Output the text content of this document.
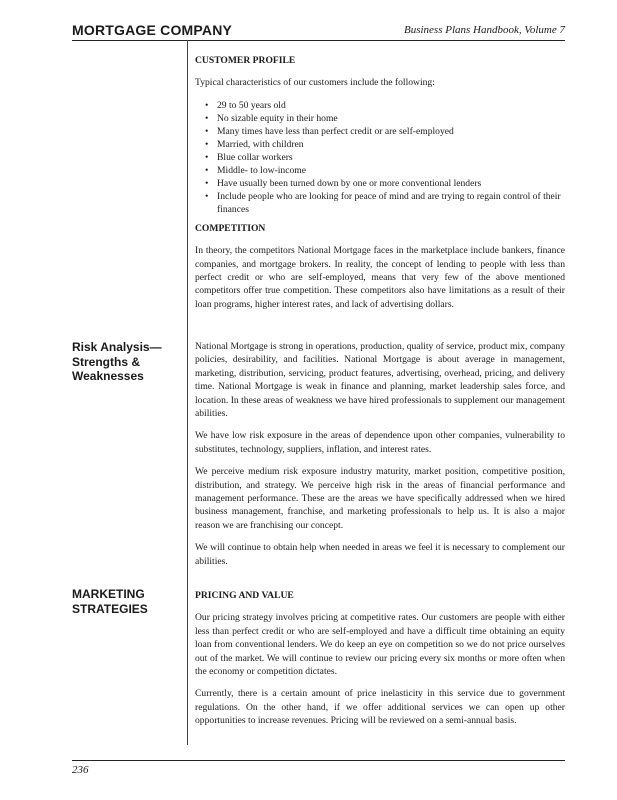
MORTGAGE COMPANY	Business Plans Handbook, Volume 7
Risk Analysis— Strengths & Weaknesses
MARKETING STRATEGIES

CUSTOMER PROFILE

Typical characteristics of our customers include the following:

• 29 to 50 years old
• No sizable equity in their home
• Many times have less than perfect credit or are self-employed
• Married, with children
• Blue collar workers
• Middle- to low-income
• Have usually been turned down by one or more conventional lenders
• Include people who are looking for peace of mind and are trying to regain control of their finances

COMPETITION

In theory, the competitors National Mortgage faces in the marketplace include bankers, finance companies, and mortgage brokers. In reality, the concept of lending to people with less than perfect credit or who are self-employed, means that very few of the above mentioned competitors offer true competition. These competitors also have limitations as a result of their loan programs, higher interest rates, and lack of advertising dollars.

National Mortgage is strong in operations, production, quality of service, product mix, company policies, desirability, and facilities. National Mortgage is about average in management, marketing, distribution, servicing, product features, advertising, overhead, pricing, and delivery time. National Mortgage is weak in finance and planning, market leadership sales force, and location. In these areas of weakness we have hired professionals to supplement our management abilities.

We have low risk exposure in the areas of dependence upon other companies, vulnerability to substitutes, technology, suppliers, inflation, and interest rates.

We perceive medium risk exposure industry maturity, market position, competitive position, distribution, and strategy. We perceive high risk in the areas of financial performance and management performance. These are the areas we have specifically addressed when we hired business management, franchise, and marketing professionals to help us. It is also a major reason we are franchising our concept.

We will continue to obtain help when needed in areas we feel it is necessary to complement our abilities.

PRICING AND VALUE

Our pricing strategy involves pricing at competitive rates. Our customers are people with either less than perfect credit or who are self-employed and have a difficult time obtaining an equity loan from conventional lenders. We do keep an eye on competition so we do not price ourselves out of the market. We will continue to review our pricing every six months or more often when the economy or competition dictates.

Currently, there is a certain amount of price inelasticity in this service due to government regulations. On the other hand, if we offer additional services we can open up other opportunities to increase revenues. Pricing will be reviewed on a semi-annual basis.

236
